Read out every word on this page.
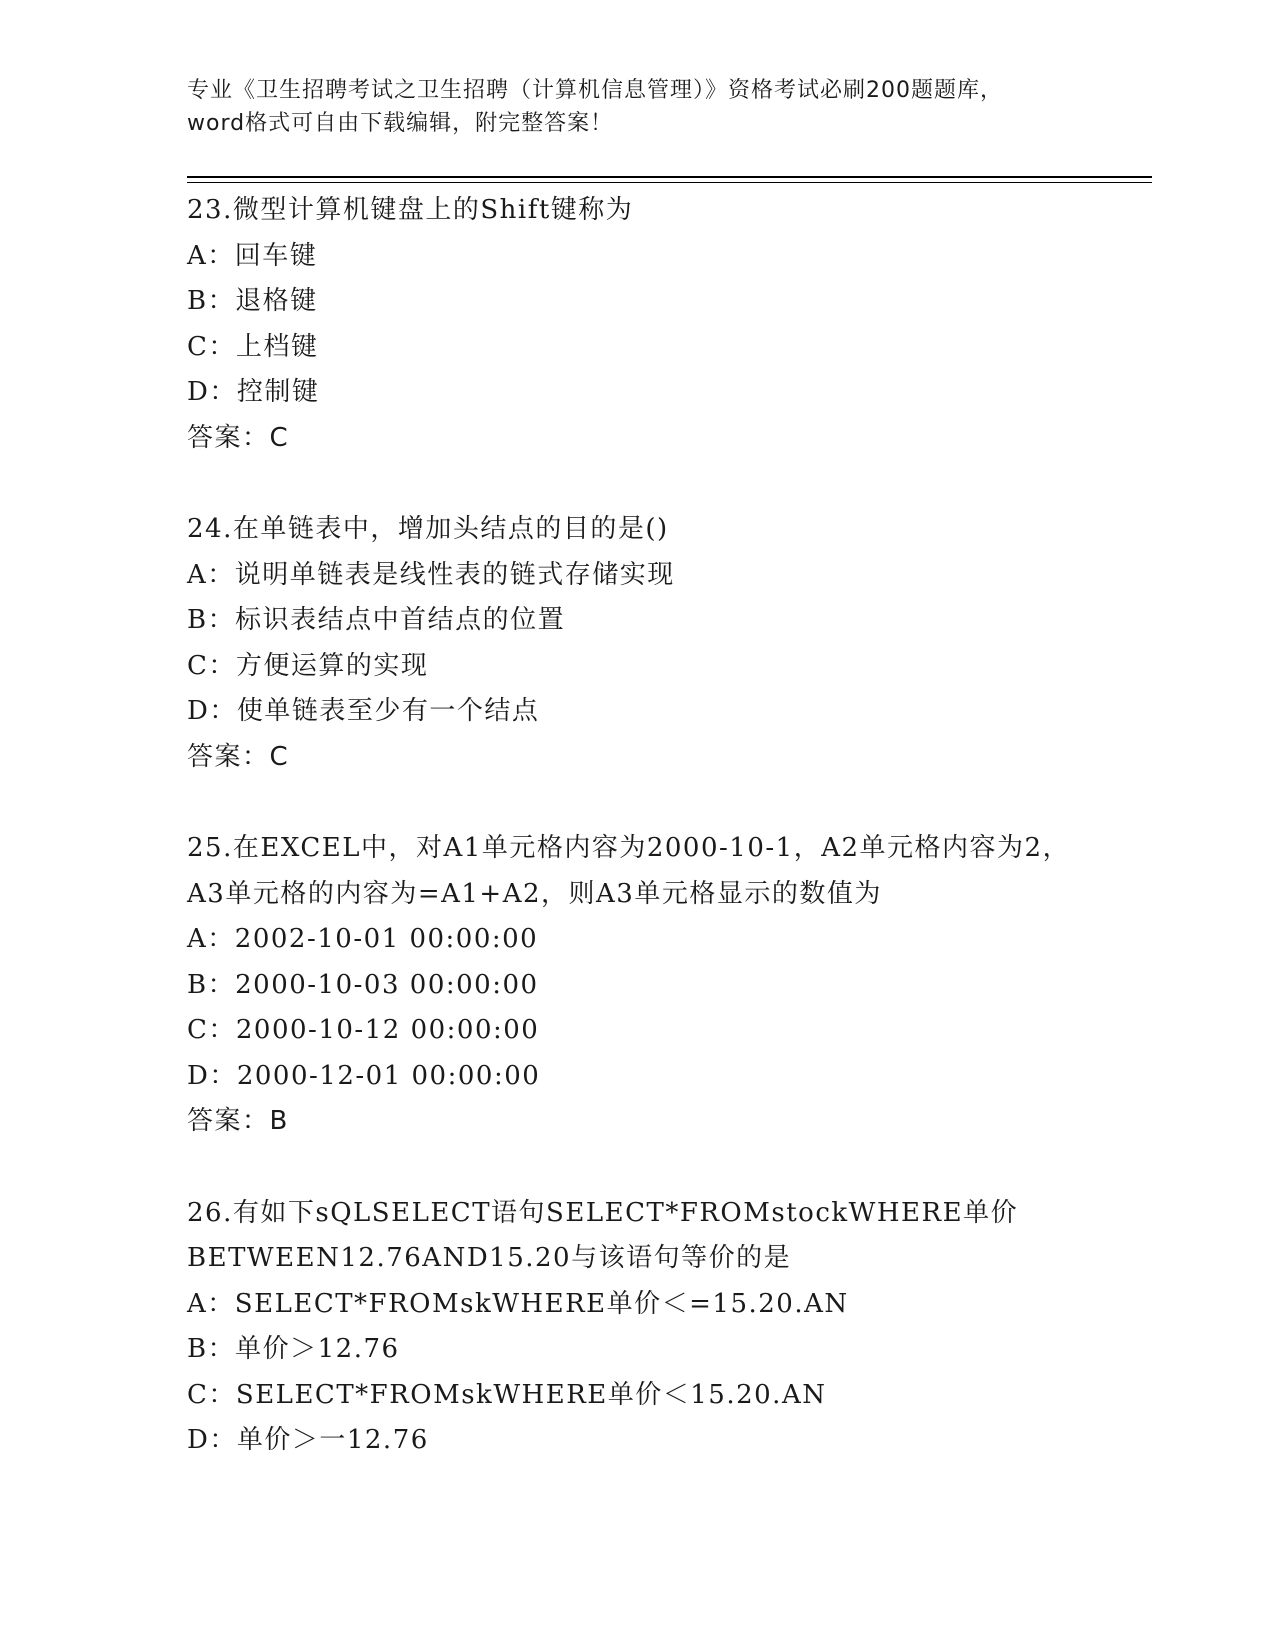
专业《卫生招聘考试之卫生招聘（计算机信息管理）》资格考试必刷200题题库，
word格式可自由下载编辑，附完整答案！
23.微型计算机键盘上的Shift键称为
A：回车键
B：退格键
C：上档键
D：控制键
答案：C
24.在单链表中，增加头结点的目的是()
A：说明单链表是线性表的链式存储实现
B：标识表结点中首结点的位置
C：方便运算的实现
D：使单链表至少有一个结点
答案：C
25.在EXCEL中，对A1单元格内容为2000-10-1，A2单元格内容为2，
A3单元格的内容为=A1+A2，则A3单元格显示的数值为
A：2002-10-01 00:00:00
B：2000-10-03 00:00:00
C：2000-10-12 00:00:00
D：2000-12-01 00:00:00
答案：B
26.有如下sQLSELECT语句SELECT*FROMstockWHERE单价
BETWEEN12.76AND15.20与该语句等价的是
A：SELECT*FROMskWHERE单价＜=15.20.AN
B：单价＞12.76
C：SELECT*FROMskWHERE单价＜15.20.AN
D：单价＞一12.76
